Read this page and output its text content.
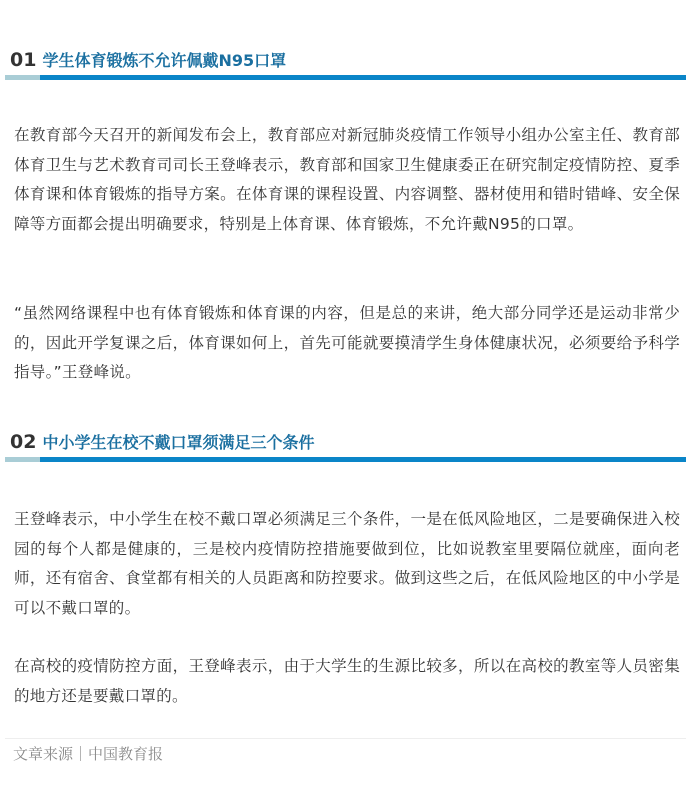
01 学生体育锻炼不允许佩戴N95口罩

在教育部今天召开的新闻发布会上，教育部应对新冠肺炎疫情工作领导小组办公室主任、教育部体育卫生与艺术教育司司长王登峰表示，教育部和国家卫生健康委正在研究制定疫情防控、夏季体育课和体育锻炼的指导方案。在体育课的课程设置、内容调整、器材使用和错时错峰、安全保障等方面都会提出明确要求，特别是上体育课、体育锻炼，不允许戴N95的口罩。

“虽然网络课程中也有体育锻炼和体育课的内容，但是总的来讲，绝大部分同学还是运动非常少的，因此开学复课之后，体育课如何上，首先可能就要摸清学生身体健康状况，必须要给予科学指导。”王登峰说。

02 中小学生在校不戴口罩须满足三个条件

王登峰表示，中小学生在校不戴口罩必须满足三个条件，一是在低风险地区，二是要确保进入校园的每个人都是健康的，三是校内疫情防控措施要做到位，比如说教室里要隔位就座，面向老师，还有宿舍、食堂都有相关的人员距离和防控要求。做到这些之后，在低风险地区的中小学是可以不戴口罩的。

在高校的疫情防控方面，王登峰表示，由于大学生的生源比较多，所以在高校的教室等人员密集的地方还是要戴口罩的。

文章来源｜中国教育报
